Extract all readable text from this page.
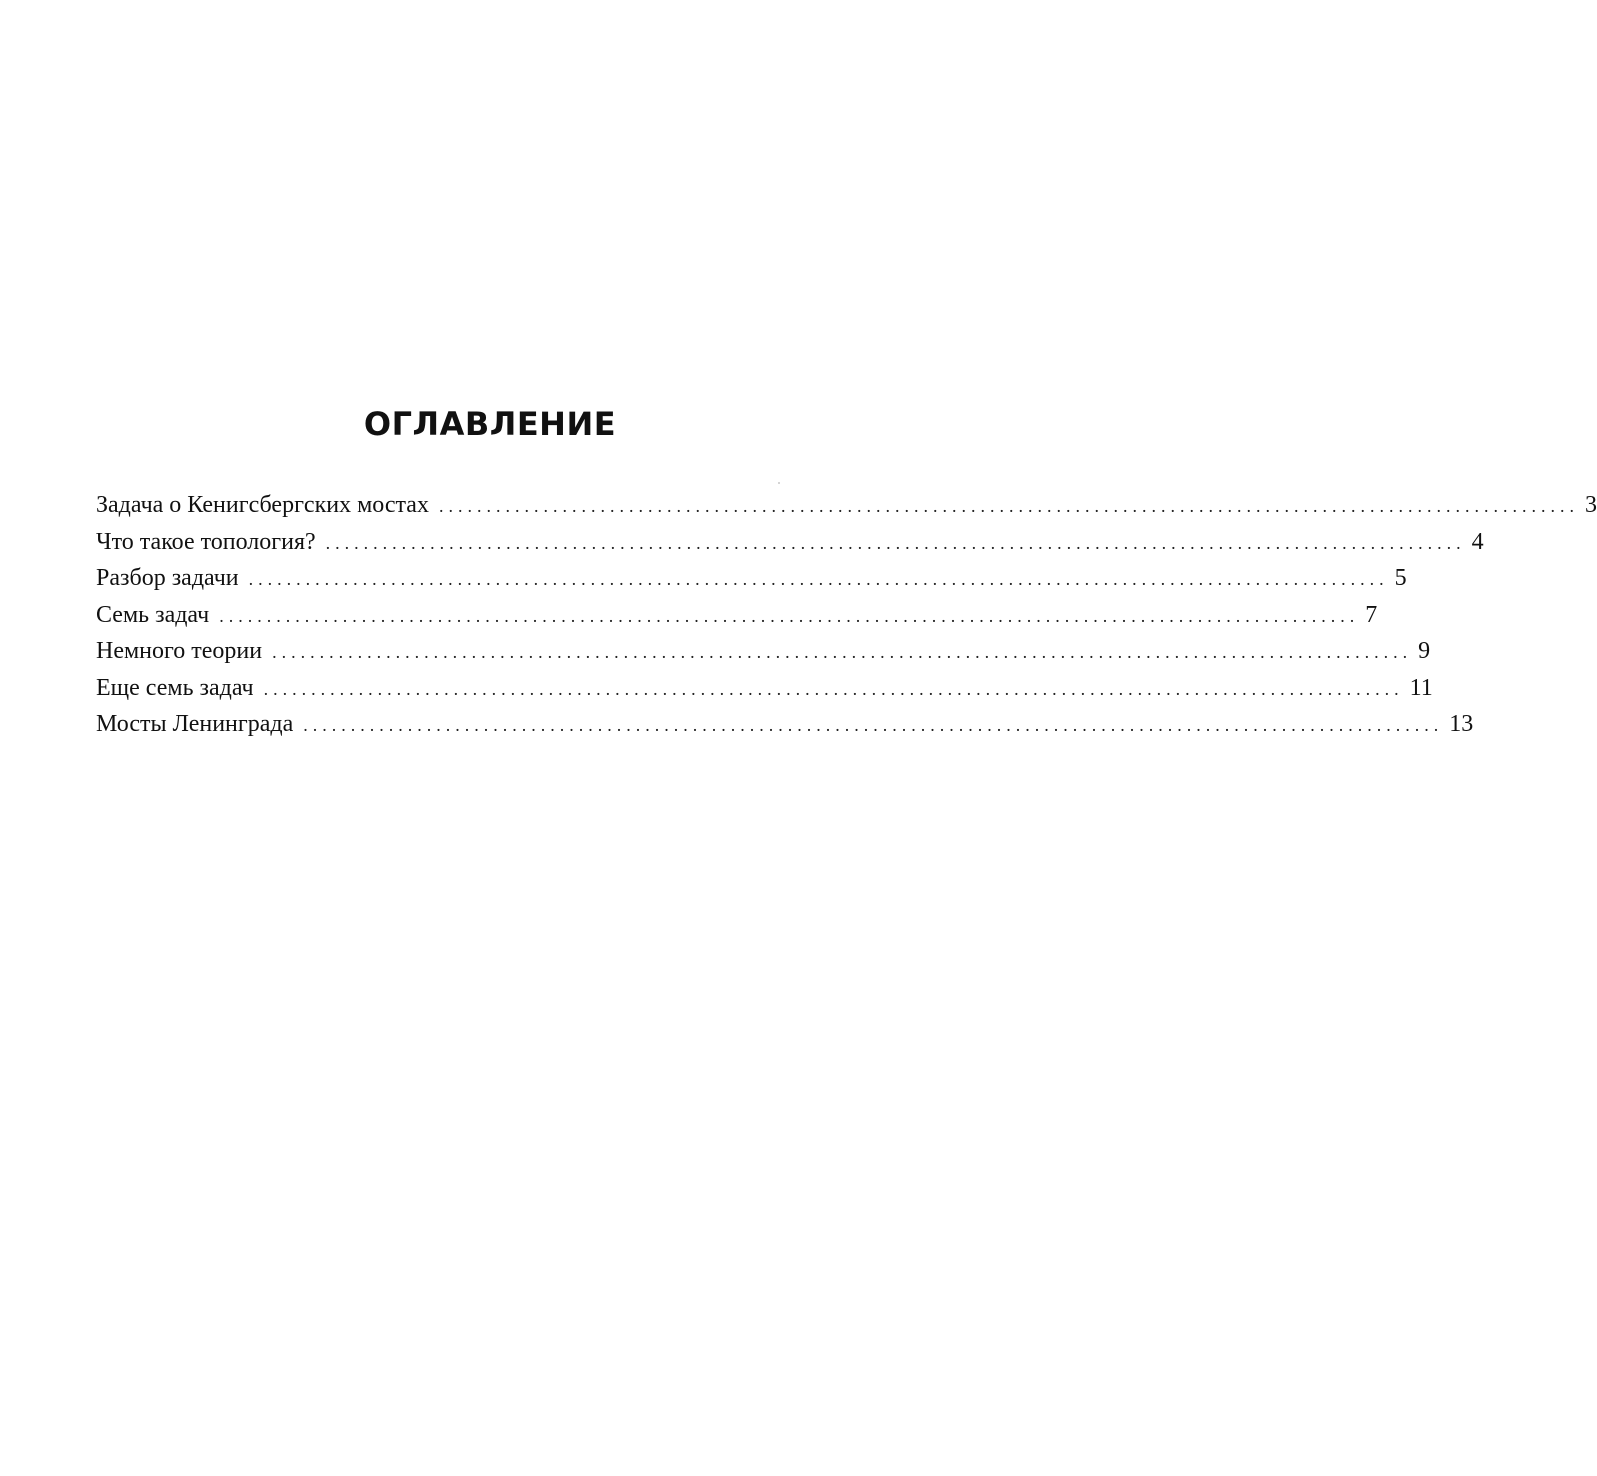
ОГЛАВЛЕНИЕ
Задача о Кенигсбергских мостах ........................................................................................................................ 3
Что такое топология? ........................................................................................................................ 4
Разбор задачи ........................................................................................................................ 5
Семь задач ........................................................................................................................ 7
Немного теории ........................................................................................................................ 9
Еще семь задач ........................................................................................................................ 11
Мосты Ленинграда ........................................................................................................................ 13
